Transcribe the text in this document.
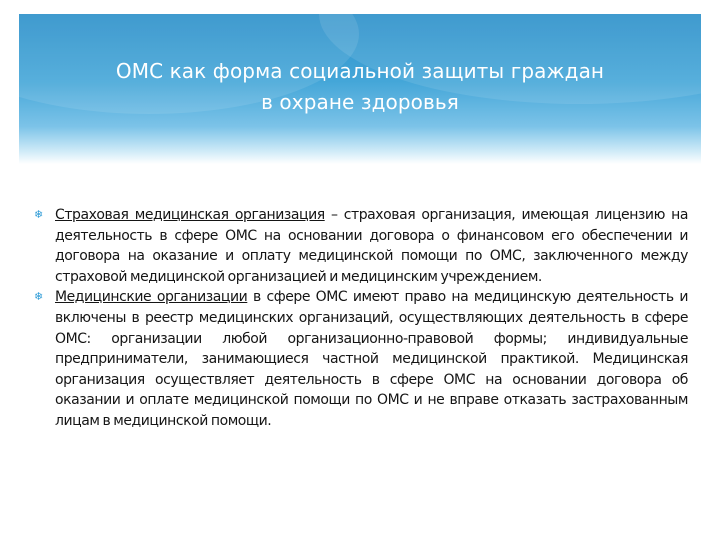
ОМС как форма социальной защиты граждан
в охране здоровья

❄ Страховая медицинская организация – страховая организация, имеющая лицензию на деятельность в сфере ОМС на основании договора о финансовом его обеспечении и договора на оказание и оплату медицинской помощи по ОМС, заключенного между страховой медицинской организацией и медицинским учреждением.

❄ Медицинские организации в сфере ОМС имеют право на медицинскую деятельность и включены в реестр медицинских организаций, осуществляющих деятельность в сфере ОМС: организации любой организационно-правовой формы; индивидуальные предприниматели, занимающиеся частной медицинской практикой. Медицинская организация осуществляет деятельность в сфере ОМС на основании договора об оказании и оплате медицинской помощи по ОМС и не вправе отказать застрахованным лицам в медицинской помощи.
